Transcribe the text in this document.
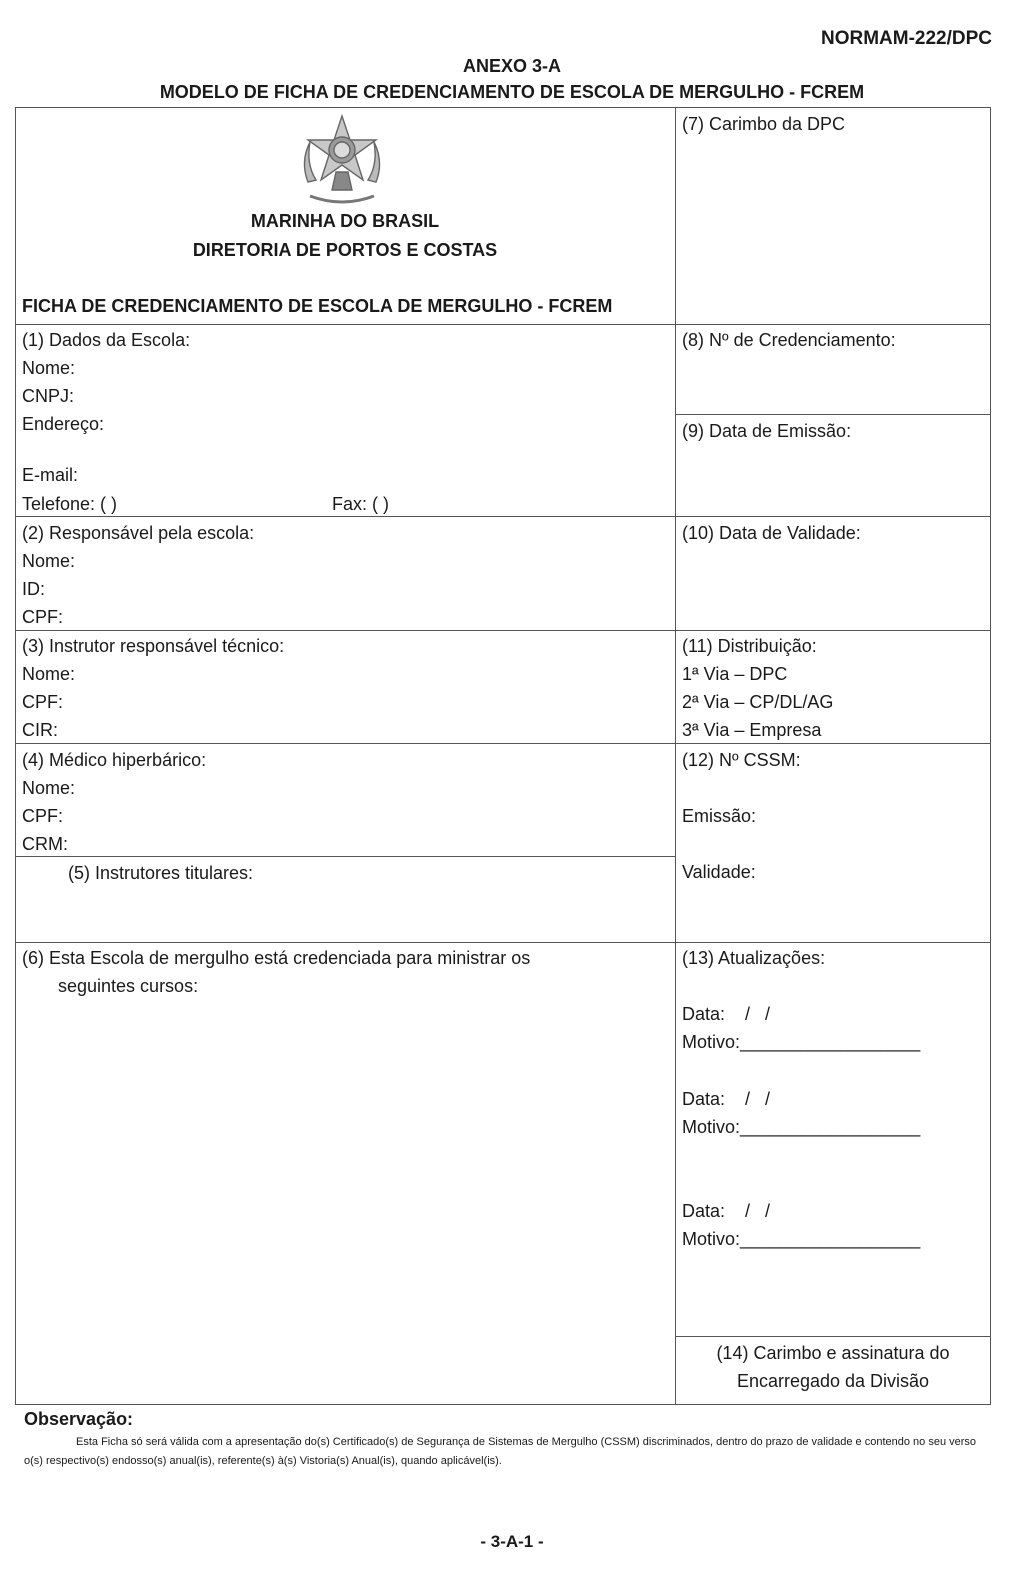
NORMAM-222/DPC
ANEXO 3-A
MODELO DE FICHA DE CREDENCIAMENTO DE ESCOLA DE MERGULHO - FCREM
MARINHA DO BRASIL
DIRETORIA DE PORTOS E COSTAS
FICHA DE CREDENCIAMENTO DE ESCOLA DE MERGULHO - FCREM
(7) Carimbo da DPC
(1) Dados da Escola:
Nome:
CNPJ:
Endereço:
E-mail:
Telefone: ( )	Fax: ( )
(8) Nº de Credenciamento:
(9) Data de Emissão:
(2) Responsável pela escola:
Nome:
ID:
CPF:
(10) Data de Validade:
(3) Instrutor responsável técnico:
Nome:
CPF:
CIR:
(11) Distribuição:
1ª Via – DPC
2ª Via – CP/DL/AG
3ª Via – Empresa
(4) Médico hiperbárico:
Nome:
CPF:
CRM:
(12) Nº CSSM:
Emissão:
Validade:
(5) Instrutores titulares:
(6) Esta Escola de mergulho está credenciada para ministrar os
seguintes cursos:
(13) Atualizações:
Data:    /   /
Motivo:__________________
Data:    /   /
Motivo:__________________
Data:    /   /
Motivo:__________________
(14) Carimbo e assinatura do
Encarregado da Divisão
Observação:
Esta Ficha só será válida com a apresentação do(s) Certificado(s) de Segurança de Sistemas de Mergulho (CSSM) discriminados, dentro do prazo de validade e contendo no seu verso o(s) respectivo(s) endosso(s) anual(is), referente(s) à(s) Vistoria(s) Anual(is), quando aplicável(is).
- 3-A-1 -
